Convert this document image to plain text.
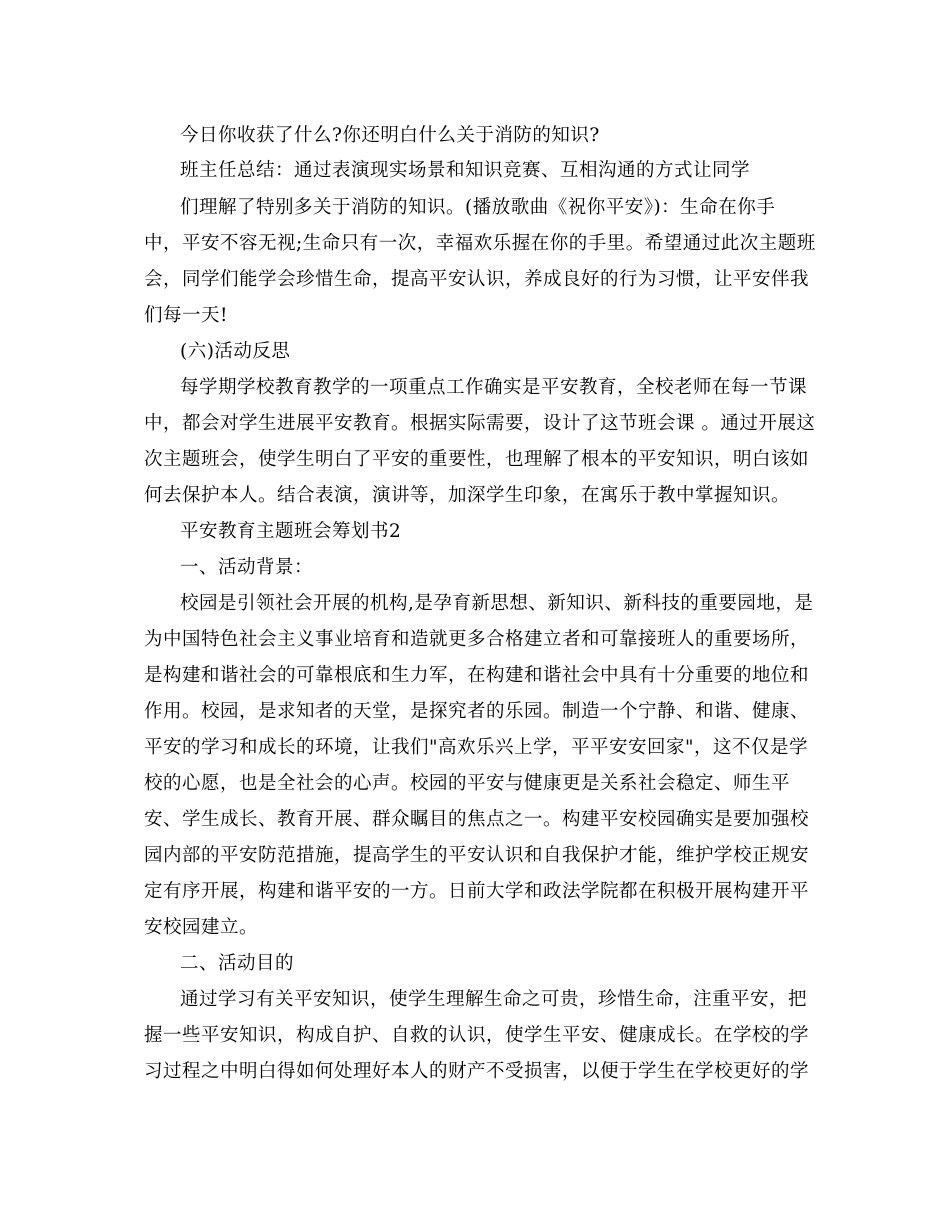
今日你收获了什么?你还明白什么关于消防的知识?
班主任总结：通过表演现实场景和知识竞赛、互相沟通的方式让同学
们理解了特别多关于消防的知识。(播放歌曲《祝你平安》)：生命在你手
中，平安不容无视;生命只有一次，幸福欢乐握在你的手里。希望通过此次主题班
会，同学们能学会珍惜生命，提高平安认识，养成良好的行为习惯，让平安伴我
们每一天!
(六)活动反思
每学期学校教育教学的一项重点工作确实是平安教育，全校老师在每一节课
中，都会对学生进展平安教育。根据实际需要，设计了这节班会课 。通过开展这
次主题班会，使学生明白了平安的重要性，也理解了根本的平安知识，明白该如
何去保护本人。结合表演，演讲等，加深学生印象，在寓乐于教中掌握知识。
平安教育主题班会筹划书2
一、活动背景：
校园是引领社会开展的机构,是孕育新思想、新知识、新科技的重要园地，是
为中国特色社会主义事业培育和造就更多合格建立者和可靠接班人的重要场所，
是构建和谐社会的可靠根底和生力军，在构建和谐社会中具有十分重要的地位和
作用。校园，是求知者的天堂，是探究者的乐园。制造一个宁静、和谐、健康、
平安的学习和成长的环境，让我们"高欢乐兴上学，平平安安回家"，这不仅是学
校的心愿，也是全社会的心声。校园的平安与健康更是关系社会稳定、师生平
安、学生成长、教育开展、群众瞩目的焦点之一。构建平安校园确实是要加强校
园内部的平安防范措施，提高学生的平安认识和自我保护才能，维护学校正规安
定有序开展，构建和谐平安的一方。日前大学和政法学院都在积极开展构建开平
安校园建立。
二、活动目的
通过学习有关平安知识，使学生理解生命之可贵，珍惜生命，注重平安，把
握一些平安知识，构成自护、自救的认识，使学生平安、健康成长。在学校的学
习过程之中明白得如何处理好本人的财产不受损害，以便于学生在学校更好的学
